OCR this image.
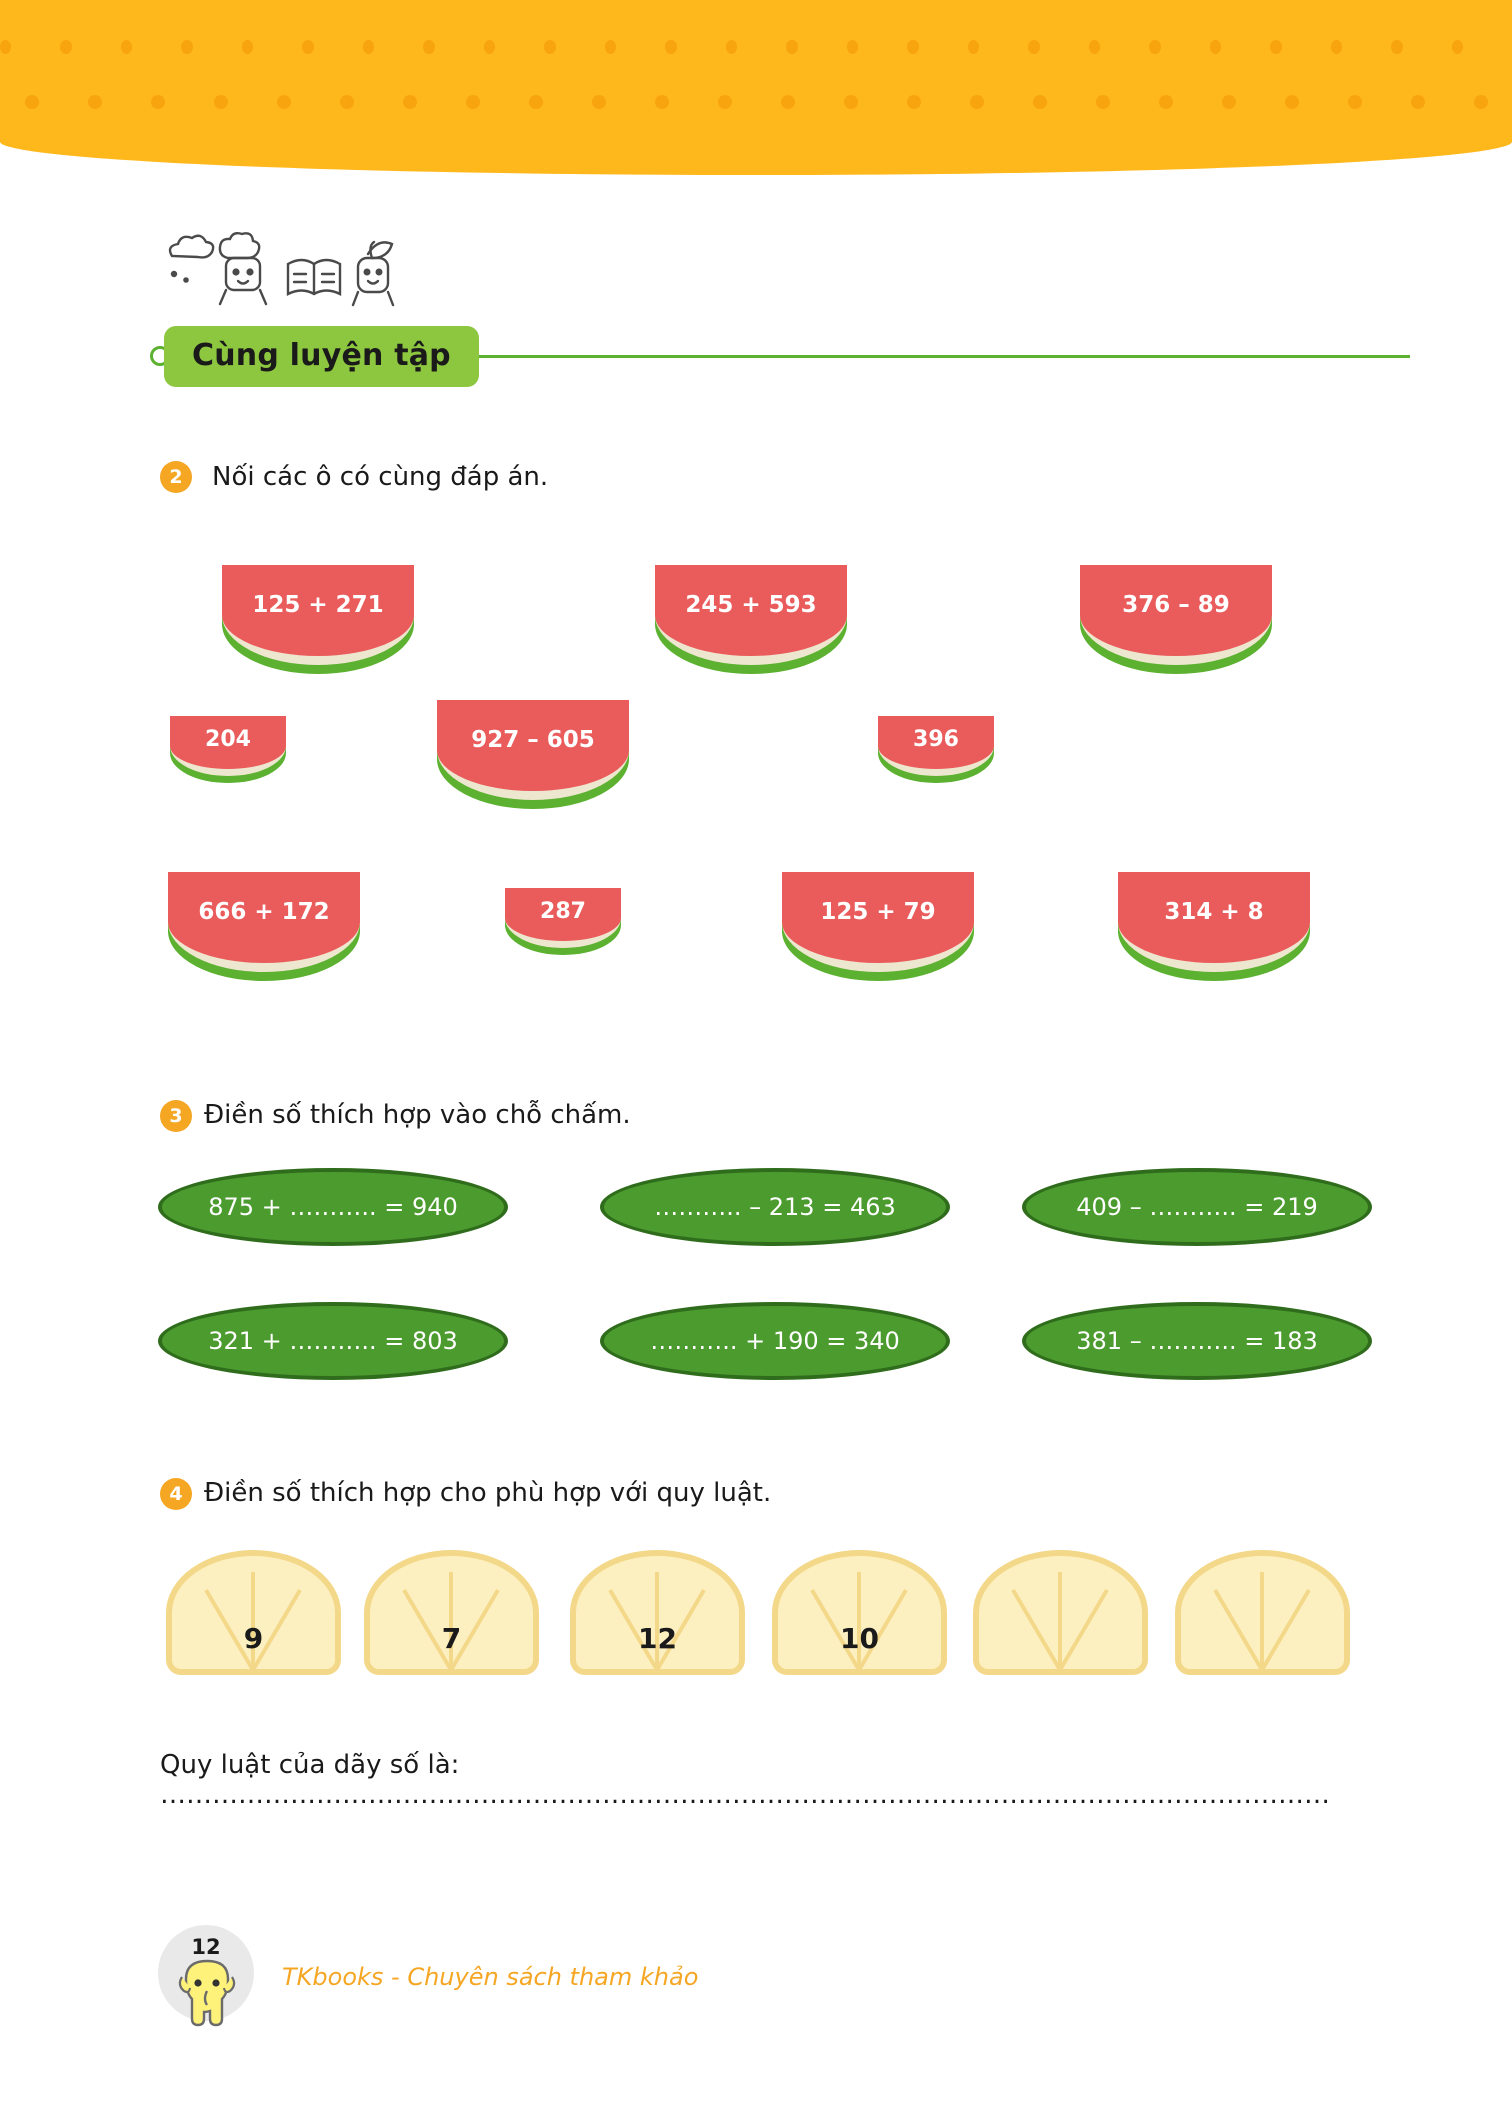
Cùng luyện tập
2	Nối các ô có cùng đáp án.
125 + 271	245 + 593	376 – 89
204	927 – 605	396
666 + 172	287	125 + 79	314 + 8
3 Điền số thích hợp vào chỗ chấm.
875 + ……….. = 940	……….. – 213 = 463	409 – ……….. = 219
321 + ……….. = 803	……….. + 190 = 340	381 – ……….. = 183
4 Điền số thích hợp cho phù hợp với quy luật.
9	7	12	10
Quy luật của dãy số là: ………………………………………………………………………………………………………………………
12
TKbooks - Chuyên sách tham khảo
